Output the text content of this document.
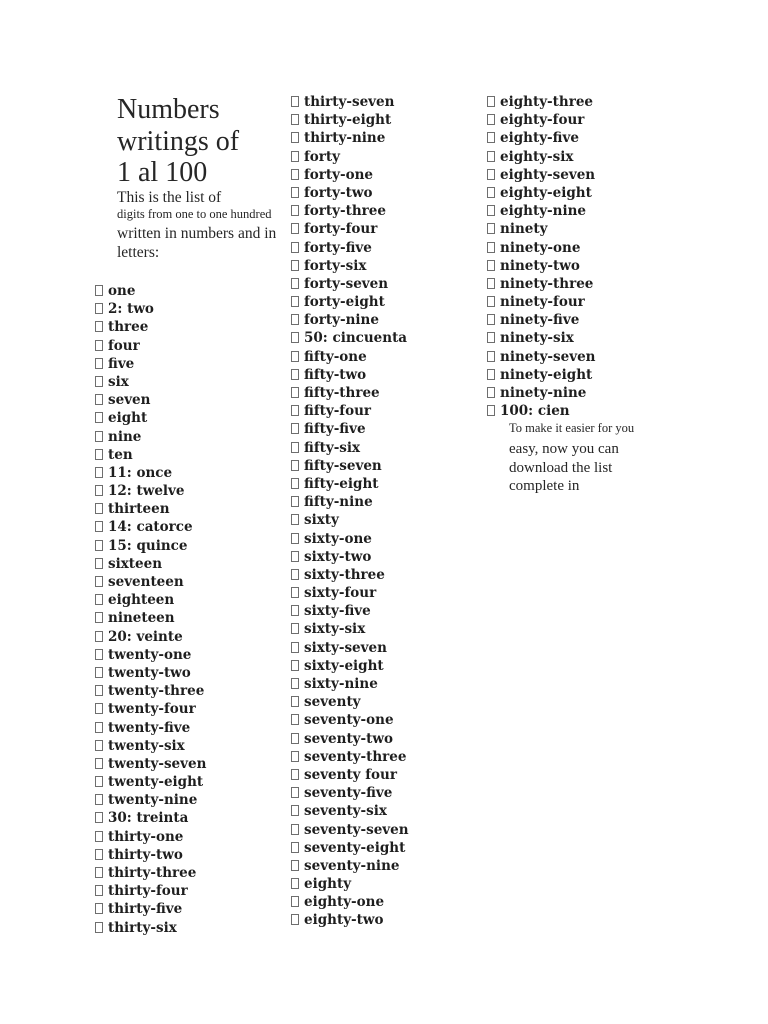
Numbers
writings of
1 al 100
This is the list of
digits from one to one hundred
written in numbers and in
letters:
one
2: two
three
four
five
six
seven
eight
nine
ten
11: once
12: twelve
thirteen
14: catorce
15: quince
sixteen
seventeen
eighteen
nineteen
20: veinte
twenty-one
twenty-two
twenty-three
twenty-four
twenty-five
twenty-six
twenty-seven
twenty-eight
twenty-nine
30: treinta
thirty-one
thirty-two
thirty-three
thirty-four
thirty-five
thirty-six
thirty-seven
thirty-eight
thirty-nine
forty
forty-one
forty-two
forty-three
forty-four
forty-five
forty-six
forty-seven
forty-eight
forty-nine
50: cincuenta
fifty-one
fifty-two
fifty-three
fifty-four
fifty-five
fifty-six
fifty-seven
fifty-eight
fifty-nine
sixty
sixty-one
sixty-two
sixty-three
sixty-four
sixty-five
sixty-six
sixty-seven
sixty-eight
sixty-nine
seventy
seventy-one
seventy-two
seventy-three
seventy four
seventy-five
seventy-six
seventy-seven
seventy-eight
seventy-nine
eighty
eighty-one
eighty-two
eighty-three
eighty-four
eighty-five
eighty-six
eighty-seven
eighty-eight
eighty-nine
ninety
ninety-one
ninety-two
ninety-three
ninety-four
ninety-five
ninety-six
ninety-seven
ninety-eight
ninety-nine
100: cien
To make it easier for you
easy, now you can
download the list
complete in
